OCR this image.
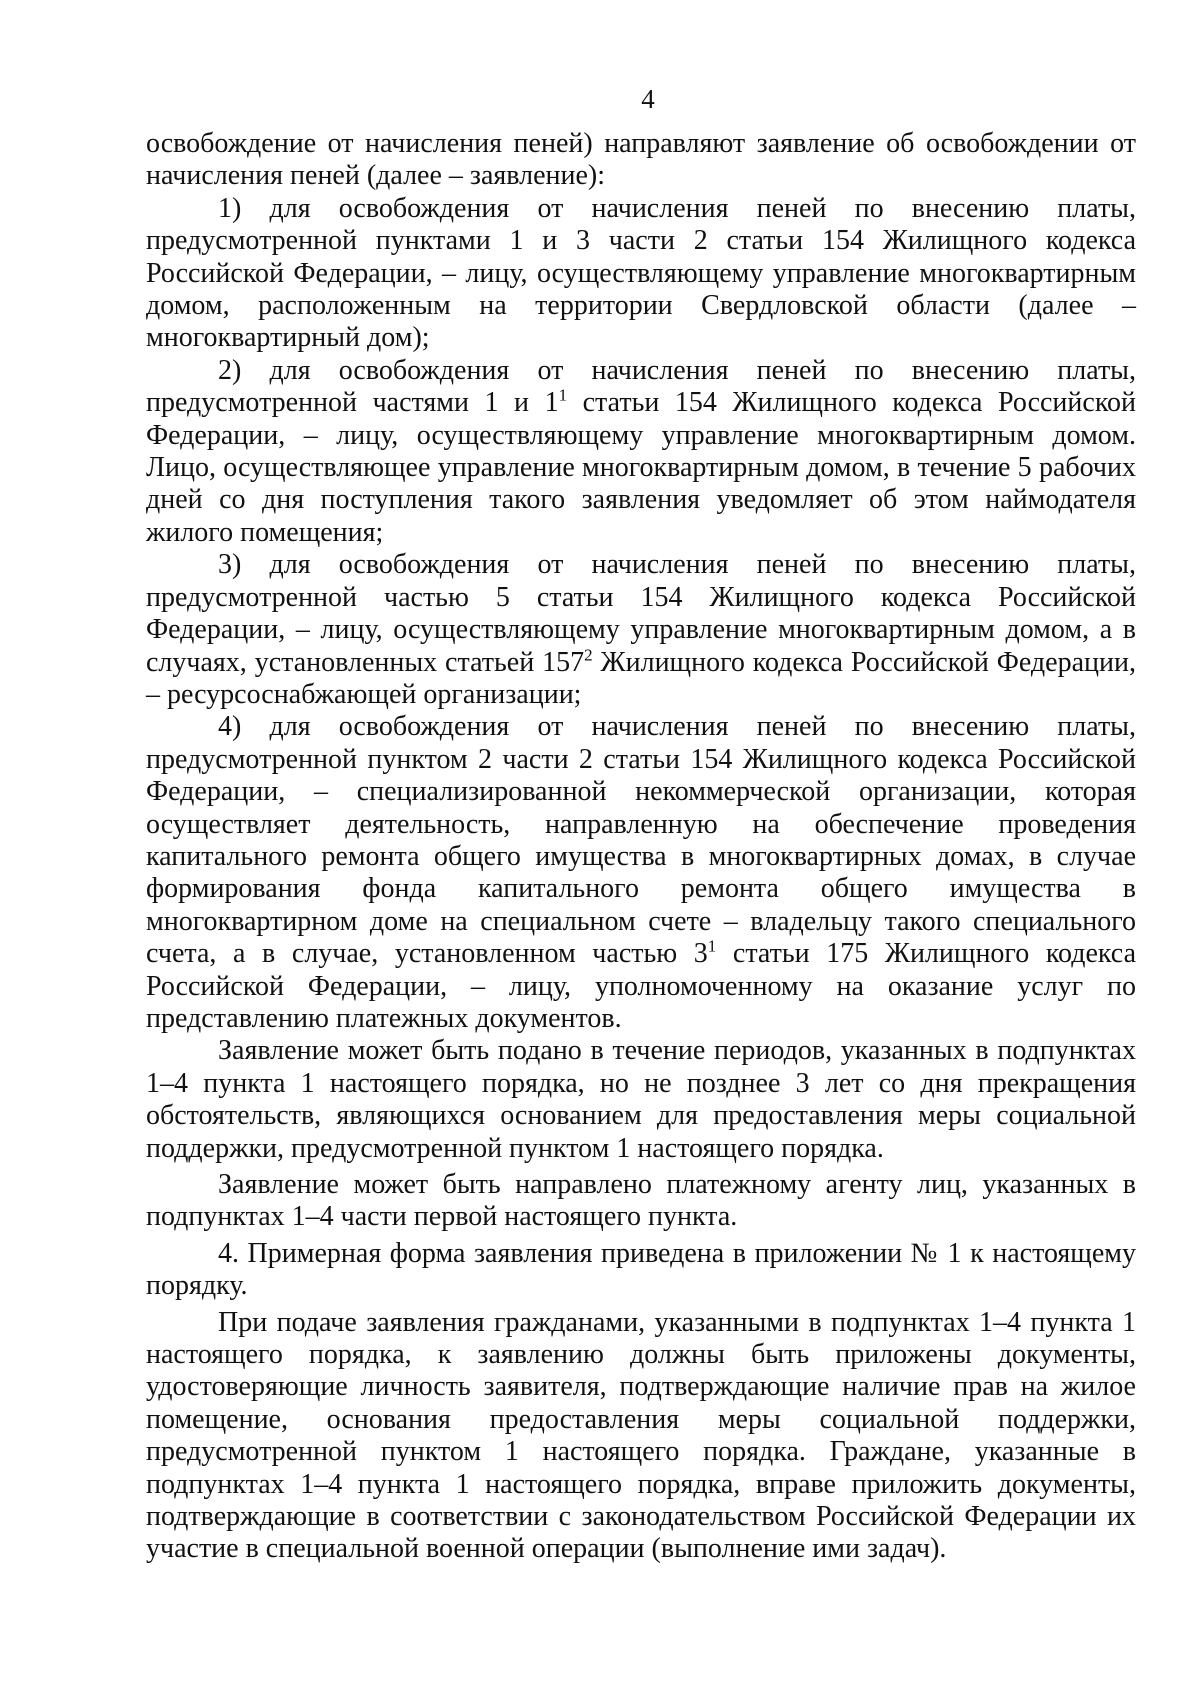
4

освобождение от начисления пеней) направляют заявление об освобождении от начисления пеней (далее – заявление):

1) для освобождения от начисления пеней по внесению платы, предусмотренной пунктами 1 и 3 части 2 статьи 154 Жилищного кодекса Российской Федерации, – лицу, осуществляющему управление многоквартирным домом, расположенным на территории Свердловской области (далее – многоквартирный дом);

2) для освобождения от начисления пеней по внесению платы, предусмотренной частями 1 и $1^1$ статьи 154 Жилищного кодекса Российской Федерации, – лицу, осуществляющему управление многоквартирным домом. Лицо, осуществляющее управление многоквартирным домом, в течение 5 рабочих дней со дня поступления такого заявления уведомляет об этом наймодателя жилого помещения;

3) для освобождения от начисления пеней по внесению платы, предусмотренной частью 5 статьи 154 Жилищного кодекса Российской Федерации, – лицу, осуществляющему управление многоквартирным домом, а в случаях, установленных статьей $157^2$ Жилищного кодекса Российской Федерации, – ресурсоснабжающей организации;

4) для освобождения от начисления пеней по внесению платы, предусмотренной пунктом 2 части 2 статьи 154 Жилищного кодекса Российской Федерации, – специализированной некоммерческой организации, которая осуществляет деятельность, направленную на обеспечение проведения капитального ремонта общего имущества в многоквартирных домах, в случае формирования фонда капитального ремонта общего имущества в многоквартирном доме на специальном счете – владельцу такого специального счета, а в случае, установленном частью $3^1$ статьи 175 Жилищного кодекса Российской Федерации, – лицу, уполномоченному на оказание услуг по представлению платежных документов.

Заявление может быть подано в течение периодов, указанных в подпунктах 1–4 пункта 1 настоящего порядка, но не позднее 3 лет со дня прекращения обстоятельств, являющихся основанием для предоставления меры социальной поддержки, предусмотренной пунктом 1 настоящего порядка.

Заявление может быть направлено платежному агенту лиц, указанных в подпунктах 1–4 части первой настоящего пункта.

4. Примерная форма заявления приведена в приложении № 1 к настоящему порядку.

При подаче заявления гражданами, указанными в подпунктах 1–4 пункта 1 настоящего порядка, к заявлению должны быть приложены документы, удостоверяющие личность заявителя, подтверждающие наличие прав на жилое помещение, основания предоставления меры социальной поддержки, предусмотренной пунктом 1 настоящего порядка. Граждане, указанные в подпунктах 1–4 пункта 1 настоящего порядка, вправе приложить документы, подтверждающие в соответствии с законодательством Российской Федерации их участие в специальной военной операции (выполнение ими задач).
